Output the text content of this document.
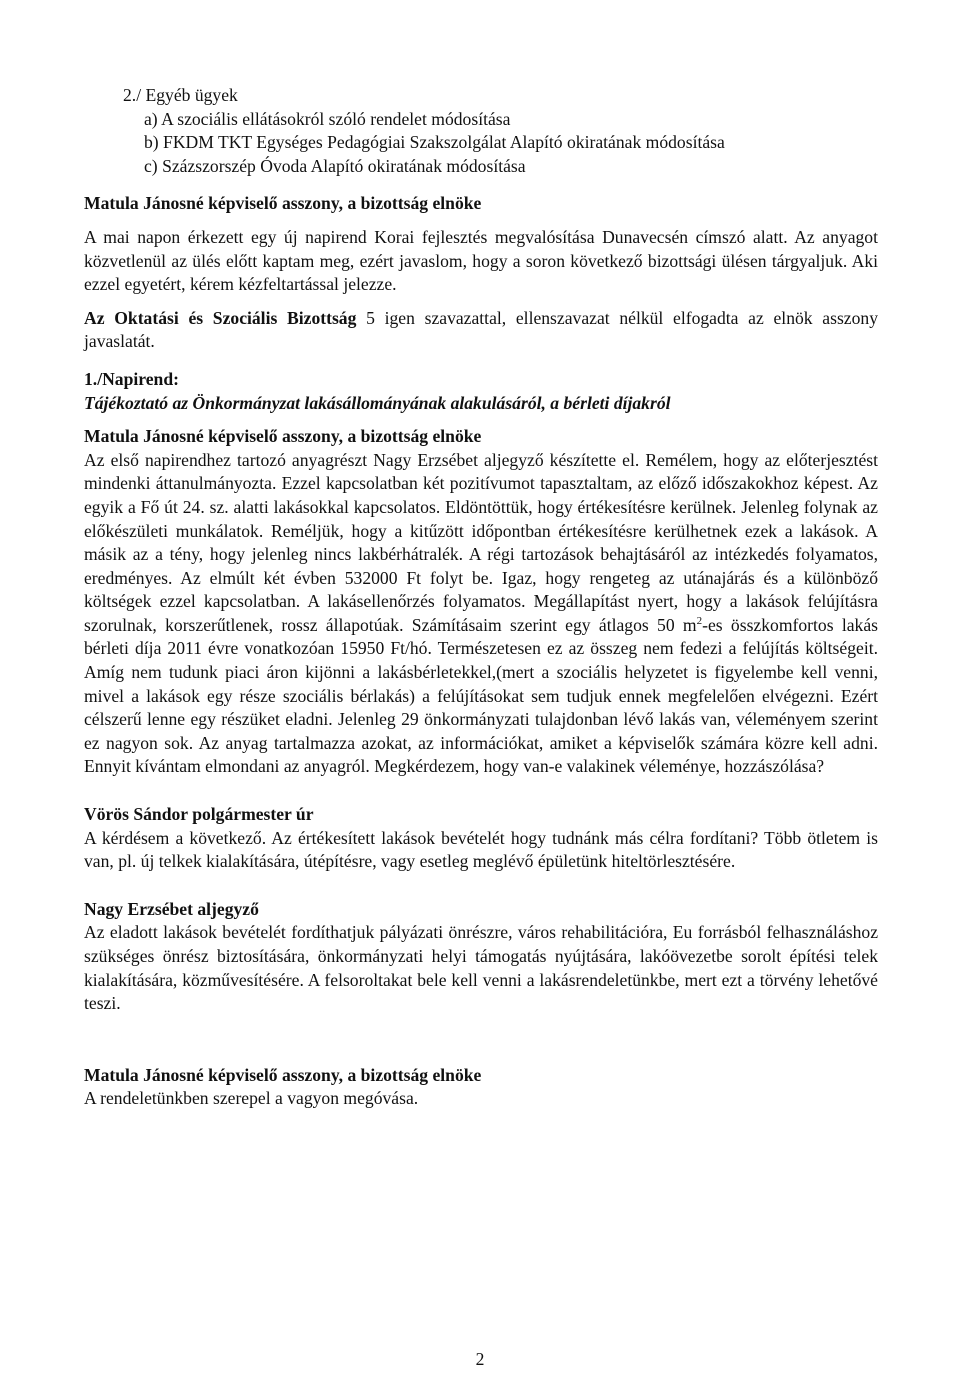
2./ Egyéb ügyek

a) A szociális ellátásokról szóló rendelet módosítása

b) FKDM TKT Egységes Pedagógiai Szakszolgálat Alapító okiratának módosítása

c) Százszorszép Óvoda Alapító okiratának módosítása

Matula Jánosné képviselő asszony, a bizottság elnöke

A mai napon érkezett egy új napirend Korai fejlesztés megvalósítása Dunavecsén címszó alatt. Az anyagot közvetlenül az ülés előtt kaptam meg, ezért javaslom, hogy a soron következő bizottsági ülésen tárgyaljuk. Aki ezzel egyetért, kérem kézfeltartással jelezze.

Az Oktatási és Szociális Bizottság 5 igen szavazattal, ellenszavazat nélkül elfogadta az elnök asszony javaslatát.

1./Napirend:

Tájékoztató az Önkormányzat lakásállományának alakulásáról, a bérleti díjakról

Matula Jánosné képviselő asszony, a bizottság elnöke

Az első napirendhez tartozó anyagrészt Nagy Erzsébet aljegyző készítette el. Remélem, hogy az előterjesztést mindenki áttanulmányozta. Ezzel kapcsolatban két pozitívumot tapasztaltam, az előző időszakokhoz képest. Az egyik a Fő út 24. sz. alatti lakásokkal kapcsolatos. Eldöntöttük, hogy értékesítésre kerülnek. Jelenleg folynak az előkészületi munkálatok. Reméljük, hogy a kitűzött időpontban értékesítésre kerülhetnek ezek a lakások. A másik az a tény, hogy jelenleg nincs lakbérhátralék. A régi tartozások behajtásáról az intézkedés folyamatos, eredményes. Az elmúlt két évben 532000 Ft folyt be. Igaz, hogy rengeteg az utánajárás és a különböző költségek ezzel kapcsolatban. A lakásellenőrzés folyamatos. Megállapítást nyert, hogy a lakások felújításra szorulnak, korszerűtlenek, rossz állapotúak. Számításaim szerint egy átlagos 50 $m^2-es$ összkomfortos lakás bérleti díja 2011 évre vonatkozóan 15950 Ft/hó. Természetesen ez az összeg nem fedezi a felújítás költségeit. Amíg nem tudunk piaci áron kijönni a lakásbérletekkel,(mert a szociális helyzetet is figyelembe kell venni, mivel a lakások egy része szociális bérlakás) a felújításokat sem tudjuk ennek megfelelően elvégezni. Ezért célszerű lenne egy részüket eladni. Jelenleg 29 önkormányzati tulajdonban lévő lakás van, véleményem szerint ez nagyon sok. Az anyag tartalmazza azokat, az információkat, amiket a képviselők számára közre kell adni. Ennyit kívántam elmondani az anyagról. Megkérdezem, hogy van-e valakinek véleménye, hozzászólása?

Vörös Sándor polgármester úr

A kérdésem a következő. Az értékesített lakások bevételét hogy tudnánk más célra fordítani? Több ötletem is van, pl. új telkek kialakítására, útépítésre, vagy esetleg meglévő épületünk hiteltörlesztésére.

Nagy Erzsébet aljegyző

Az eladott lakások bevételét fordíthatjuk pályázati önrészre, város rehabilitációra, Eu forrásból felhasználáshoz szükséges önrész biztosítására, önkormányzati helyi támogatás nyújtására, lakóövezetbe sorolt építési telek kialakítására, közművesítésére. A felsoroltakat bele kell venni a lakásrendeletünkbe, mert ezt a törvény lehetővé teszi.

Matula Jánosné képviselő asszony, a bizottság elnöke

A rendeletünkben szerepel a vagyon megóvása.

2
